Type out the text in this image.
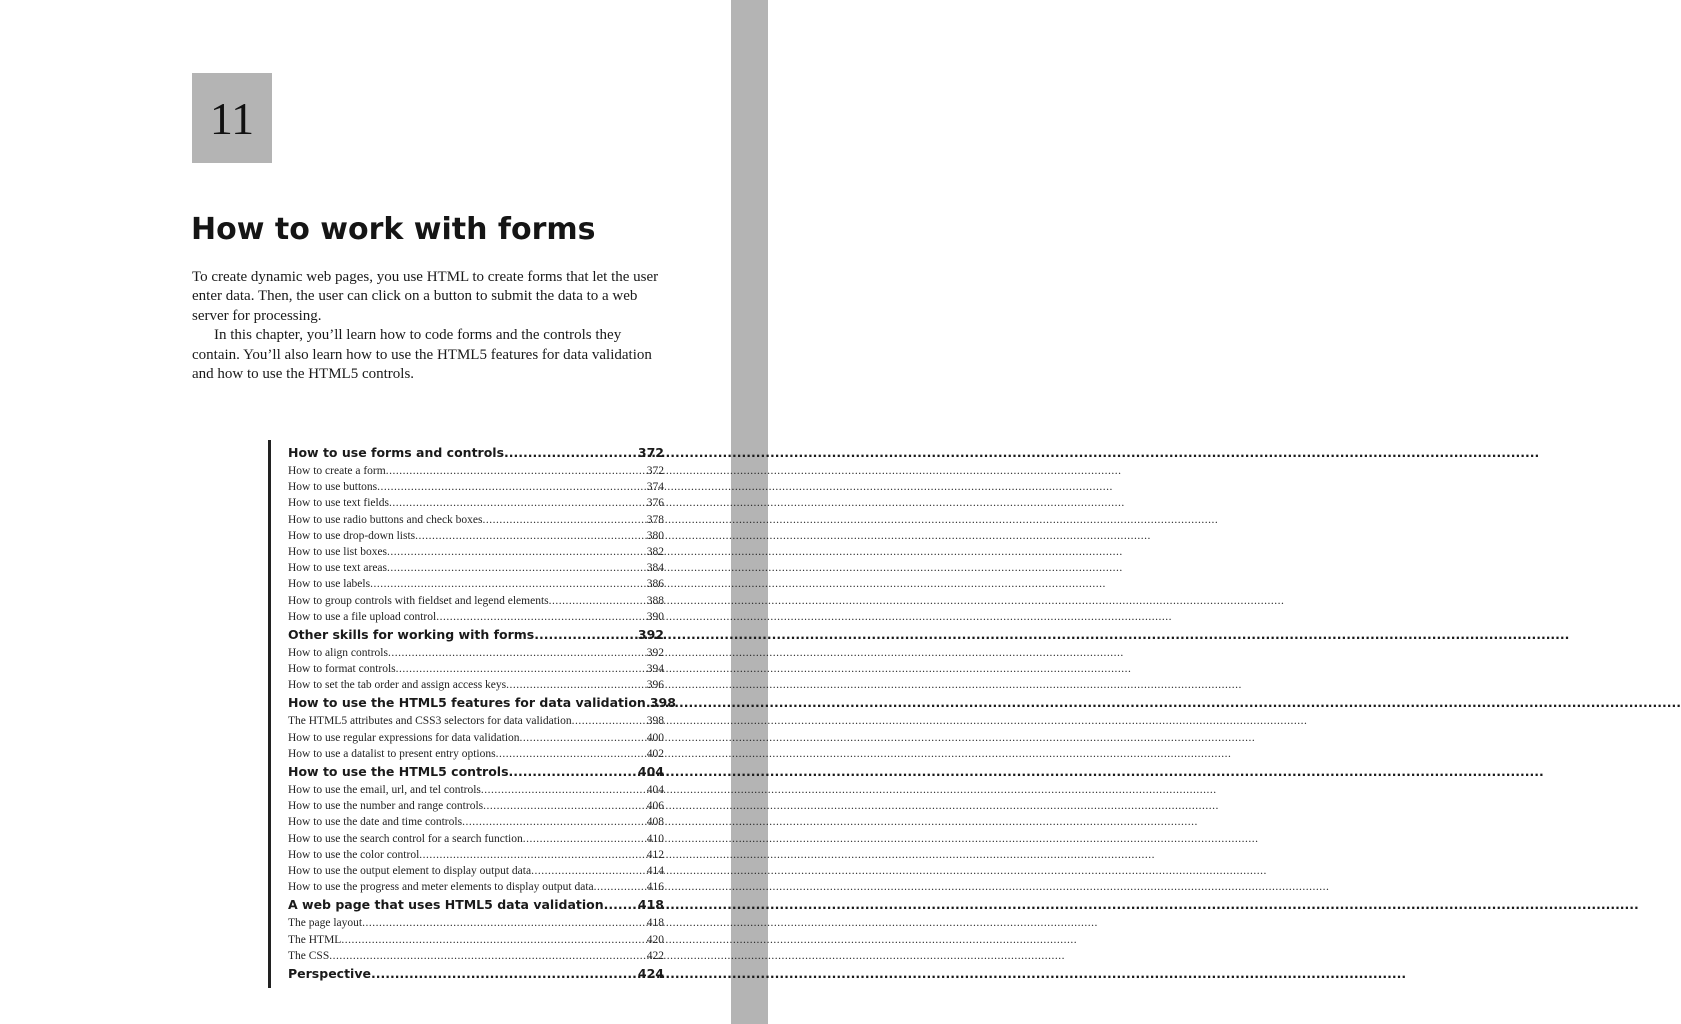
11
How to work with forms

To create dynamic web pages, you use HTML to create forms that let the user enter data. Then, the user can click on a button to submit the data to a web server for processing.

In this chapter, you’ll learn how to code forms and the controls they contain. You’ll also learn how to use the HTML5 features for data validation and how to use the HTML5 controls.

How to use forms and controls .....	372
How to create a form .....	372
How to use buttons .....	374
How to use text fields .....	376
How to use radio buttons and check boxes .....	378
How to use drop-down lists .....	380
How to use list boxes .....	382
How to use text areas .....	384
How to use labels .....	386
How to group controls with fieldset and legend elements .....	388
How to use a file upload control .....	390
Other skills for working with forms .....	392
How to align controls .....	392
How to format controls .....	394
How to set the tab order and assign access keys .....	396
How to use the HTML5 features for data validation ..... 398
The HTML5 attributes and CSS3 selectors for data validation .....	398
How to use regular expressions for data validation .....	400
How to use a datalist to present entry options .....	402
How to use the HTML5 controls .....	404
How to use the email, url, and tel controls .....	404
How to use the number and range controls .....	406
How to use the date and time controls .....	408
How to use the search control for a search function .....	410
How to use the color control .....	412
How to use the output element to display output data .....	414
How to use the progress and meter elements to display output data .....	416
A web page that uses HTML5 data validation .....	418
The page layout .....	418
The HTML .....	420
The CSS .....	422
Perspective .....	424
